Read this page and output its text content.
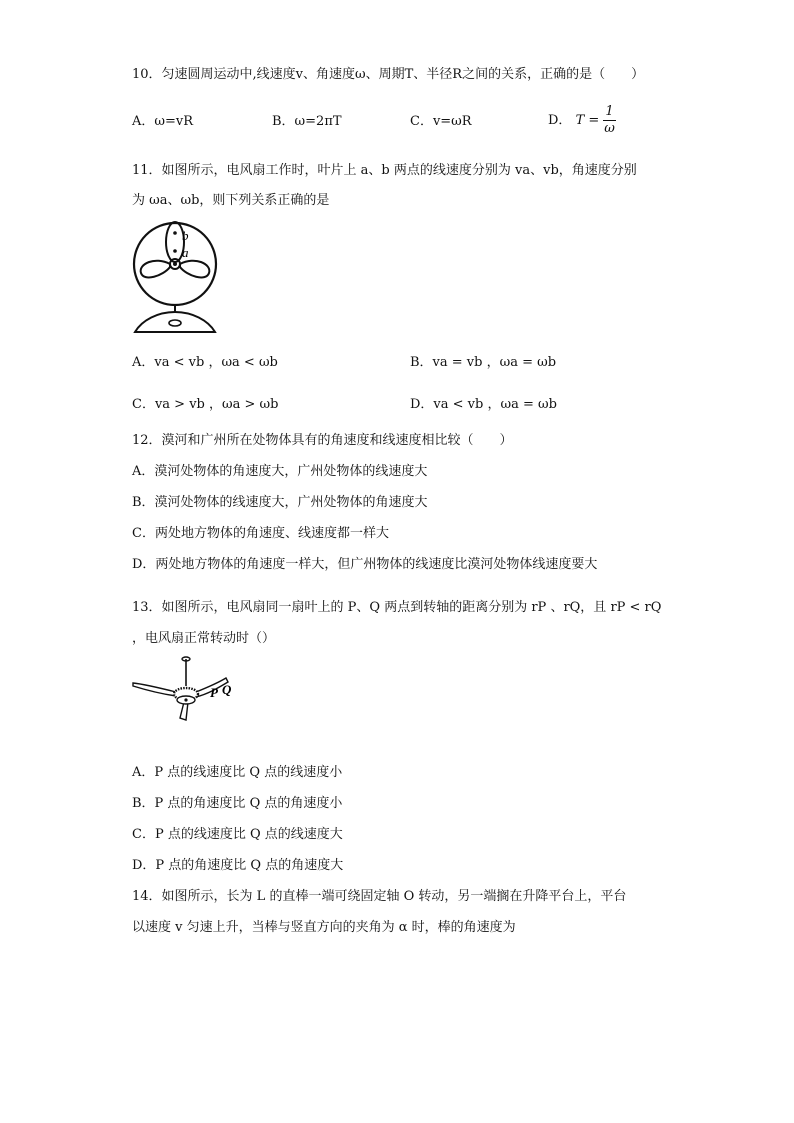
10．匀速圆周运动中,线速度v、角速度ω、周期T、半径R之间的关系，正确的是（　　）
A．ω=vR	B．ω=2πT	C．v=ωR	D． $T = \frac{1}{\omega}$
11．如图所示，电风扇工作时，叶片上 a、b 两点的线速度分别为 va、vb，角速度分别
为 ωa、ωb，则下列关系正确的是
b
a
A．va < vb ，ωa < ωb	B．va = vb ，ωa = ωb
C．va > vb ，ωa > ωb	D．va < vb ，ωa = ωb
12．漠河和广州所在处物体具有的角速度和线速度相比较（　　）
A．漠河处物体的角速度大，广州处物体的线速度大
B．漠河处物体的线速度大，广州处物体的角速度大
C．两处地方物体的角速度、线速度都一样大
D．两处地方物体的角速度一样大，但广州物体的线速度比漠河处物体线速度要大
13．如图所示，电风扇同一扇叶上的 P、Q 两点到转轴的距离分别为 rP 、rQ，且 rP < rQ
，电风扇正常转动时（）
P Q
A．P 点的线速度比 Q 点的线速度小
B．P 点的角速度比 Q 点的角速度小
C．P 点的线速度比 Q 点的线速度大
D．P 点的角速度比 Q 点的角速度大
14．如图所示，长为 L 的直棒一端可绕固定轴 O 转动，另一端搁在升降平台上，平台
以速度 v 匀速上升，当棒与竖直方向的夹角为 α 时，棒的角速度为
